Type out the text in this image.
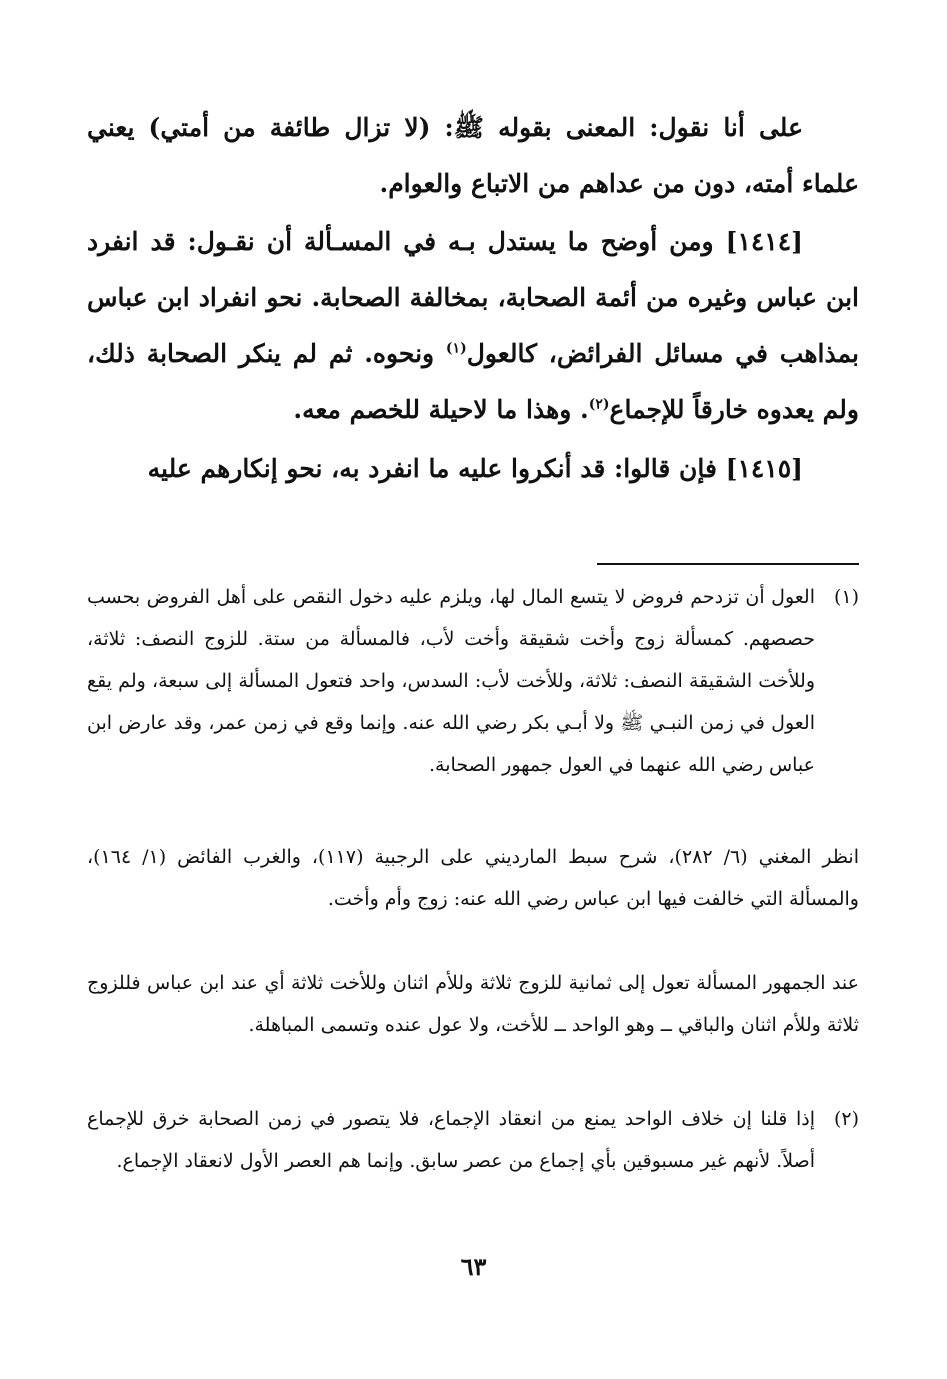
على أنا نقول: المعنى بقوله ﷺ: (لا تزال طائفة من أمتي) يعني علماء أمته، دون من عداهم من الاتباع والعوام.

[١٤١٤] ومن أوضح ما يستدل بـه في المسـألة أن نقـول: قد انفرد ابن عباس وغيره من أئمة الصحابة، بمخالفة الصحابة. نحو انفراد ابن عباس بمذاهب في مسائل الفرائض، كالعول$^{(١)}$ ونحوه. ثم لم ينكر الصحابة ذلك، ولم يعدوه خارقاً للإجماع$^{(٢)}$. وهذا ما لاحيلة للخصم معه.

[١٤١٥] فإن قالوا: قد أنكروا عليه ما انفرد به، نحو إنكارهم عليه

(١)
العول أن تزدحم فروض لا يتسع المال لها، ويلزم عليه دخول النقص على أهل الفروض بحسب حصصهم. كمسألة زوج وأخت شقيقة وأخت لأب، فالمسألة من ستة. للزوج النصف: ثلاثة، وللأخت الشقيقة النصف: ثلاثة، وللأخت لأب: السدس، واحد فتعول المسألة إلى سبعة، ولم يقع العول في زمن النبـي ﷺ ولا أبـي بكر رضي الله عنه. وإنما وقع في زمن عمر، وقد عارض ابن عباس رضي الله عنهما في العول جمهور الصحابة.
انظر المغني (٦/ ٢٨٢)، شرح سبط المارديني على الرجبية (١١٧)، والغرب الفائض (١/ ١٦٤)، والمسألة التي خالفت فيها ابن عباس رضي الله عنه: زوج وأم وأخت.
عند الجمهور المسألة تعول إلى ثمانية للزوج ثلاثة وللأم اثنان وللأخت ثلاثة أي عند ابن عباس فللزوج ثلاثة وللأم اثنان والباقي ــ وهو الواحد ــ للأخت، ولا عول عنده وتسمى المباهلة.
(٢)
إذا قلنا إن خلاف الواحد يمنع من انعقاد الإجماع، فلا يتصور في زمن الصحابة خرق للإجماع أصلاً. لأنهم غير مسبوقين بأي إجماع من عصر سابق. وإنما هم العصر الأول لانعقاد الإجماع.
٦٣
